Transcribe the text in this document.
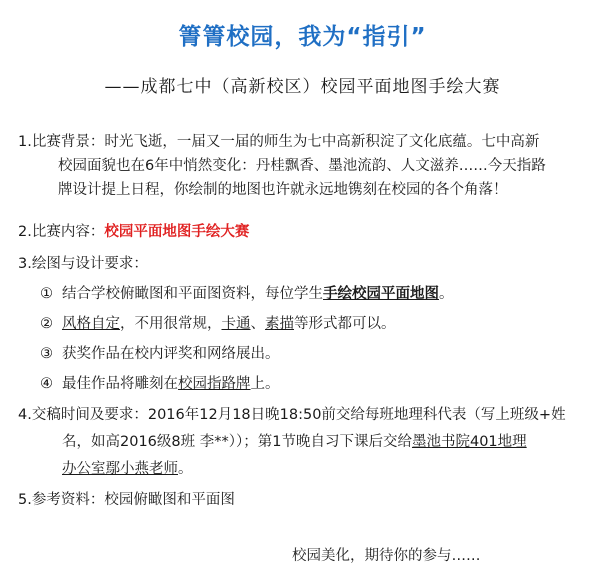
箐箐校园，我为“指引”
——成都七中（高新校区）校园平面地图手绘大赛
1.比赛背景：时光飞逝，一届又一届的师生为七中高新积淀了文化底蕴。七中高新
校园面貌也在6年中悄然变化：丹桂飘香、墨池流韵、人文滋养……今天指路
牌设计提上日程，你绘制的地图也许就永远地镌刻在校园的各个角落！
2.比赛内容：校园平面地图手绘大赛
3.绘图与设计要求：
① 结合学校俯瞰图和平面图资料，每位学生手绘校园平面地图。
② 风格自定，不用很常规，卡通、素描等形式都可以。
③ 获奖作品在校内评奖和网络展出。
④ 最佳作品将雕刻在校园指路牌上。
4.交稿时间及要求：2016年12月18日晚18:50前交给每班地理科代表（写上班级+姓
名，如高2016级8班 李**））；第1节晚自习下课后交给墨池书院401地理
办公室鄢小燕老师。
5.参考资料：校园俯瞰图和平面图
校园美化，期待你的参与……
